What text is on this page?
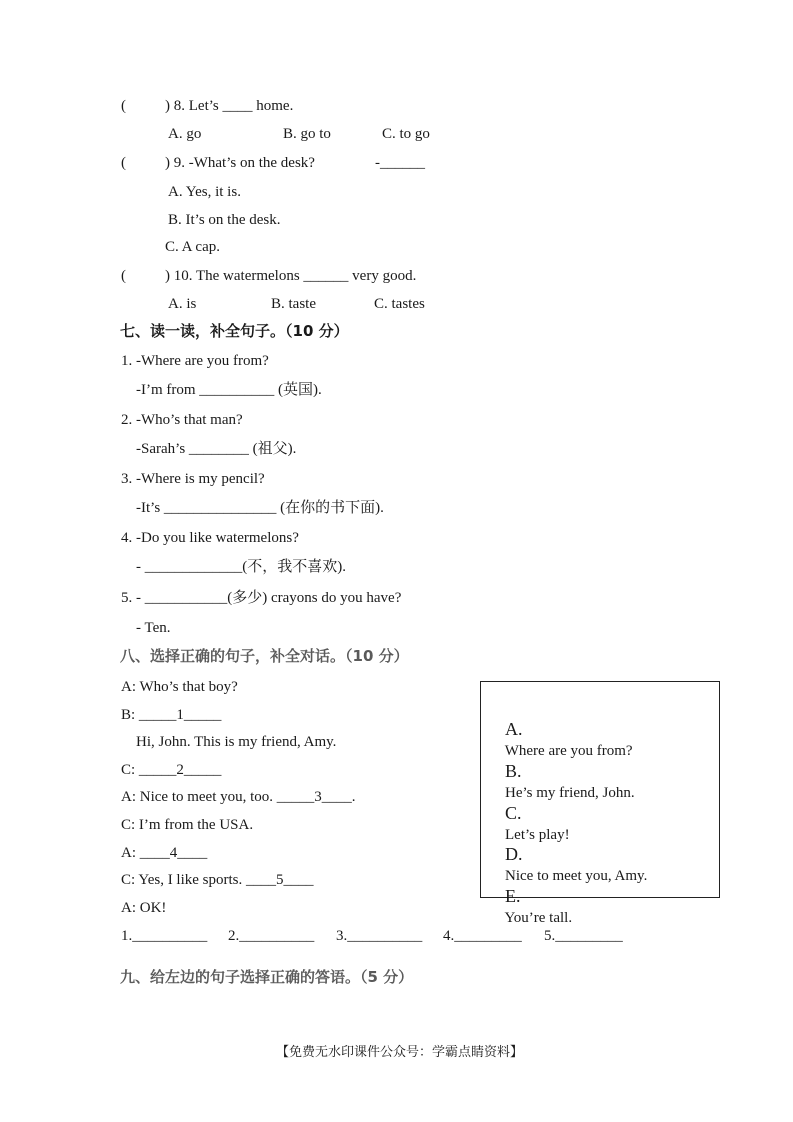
(	) 8. Let’s ____ home.
A. go	B. go to	C. to go
(	) 9. -What’s on the desk?	-______
A. Yes, it is.
B. It’s on the desk.
C. A cap.
(	) 10. The watermelons ______ very good.
A. is	B. taste	C. tastes
七、读一读，补全句子。（10 分）
1. -Where are you from?
-I’m from __________ (英国).
2. -Who’s that man?
-Sarah’s ________ (祖父).
3. -Where is my pencil?
-It’s _______________ (在你的书下面).
4. -Do you like watermelons?
- _____________(不，我不喜欢).
5. - ___________(多少) crayons do you have?
- Ten.
八、选择正确的句子，补全对话。（10 分）
A: Who’s that boy?
B: _____1_____
Hi, John. This is my friend, Amy.
C: _____2_____
A: Nice to meet you, too. _____3____.
C: I’m from the USA.
A: ____4____
C: Yes, I like sports. ____5____
A: OK!
1.__________ 2.__________ 3.__________ 4._________ 5._________

A.
Where are you from?

B.
He’s my friend, John.

C.
Let’s play!

D.
Nice to meet you, Amy.

E.
You’re tall.

九、给左边的句子选择正确的答语。（5 分）
【免费无水印课件公众号：学霸点睛资料】
